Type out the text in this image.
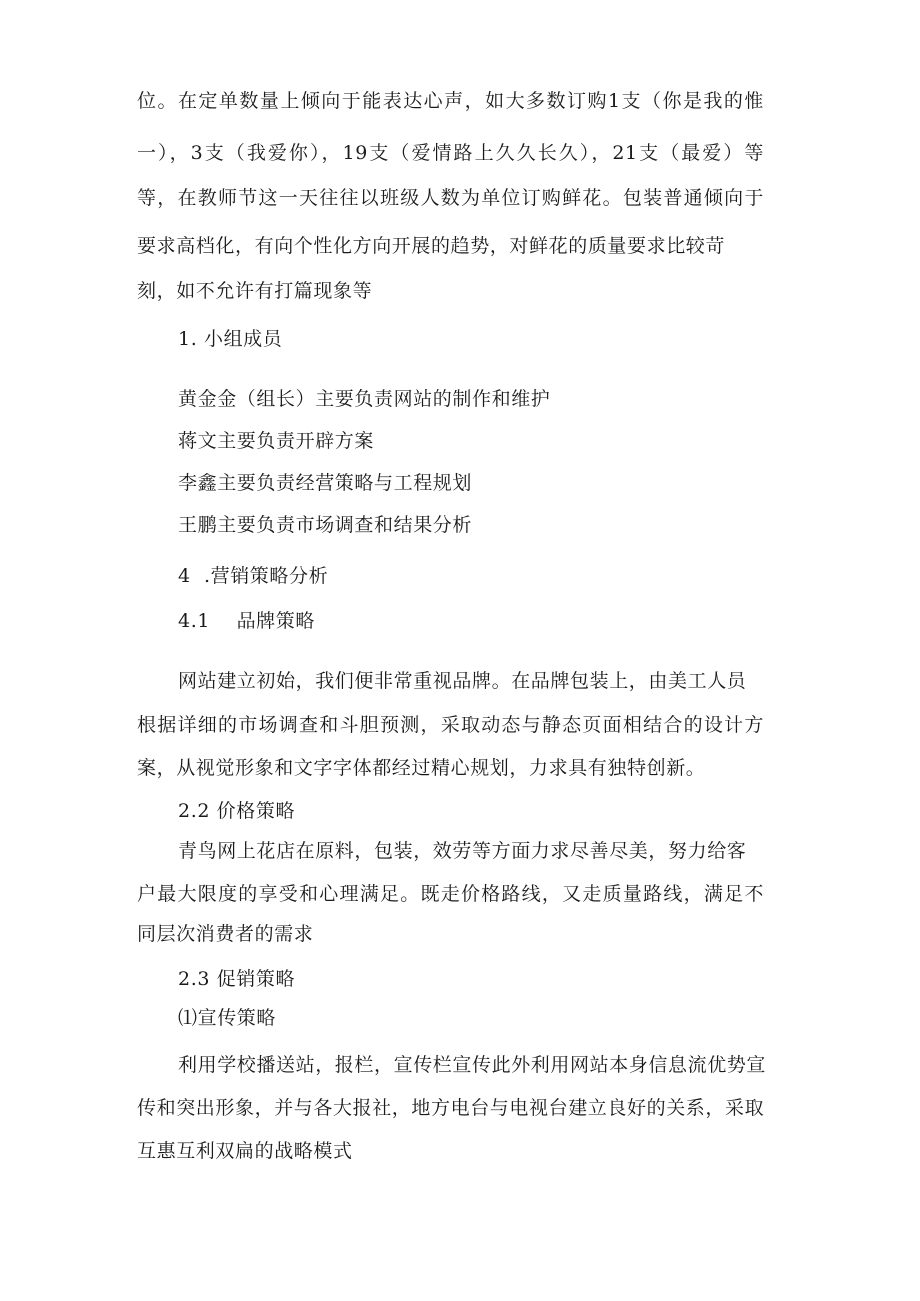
位。在定单数量上倾向于能表达心声，如大多数订购1支（你是我的惟
一），3支（我爱你），19支（爱情路上久久长久），21支（最爱）等
等，在教师节这一天往往以班级人数为单位订购鲜花。包装普通倾向于
要求高档化，有向个性化方向开展的趋势，对鲜花的质量要求比较苛
刻，如不允许有打篇现象等
1. 小组成员
黄金金（组长）主要负责网站的制作和维护
蒋文主要负责开辟方案
李鑫主要负责经营策略与工程规划
王鹏主要负责市场调查和结果分析
4  .营销策略分析
4.1    品牌策略
网站建立初始，我们便非常重视品牌。在品牌包装上，由美工人员
根据详细的市场调查和斗胆预测，采取动态与静态页面相结合的设计方
案，从视觉形象和文字字体都经过精心规划，力求具有独特创新。
2.2 价格策略
青鸟网上花店在原料，包装，效劳等方面力求尽善尽美，努力给客
户最大限度的享受和心理满足。既走价格路线，又走质量路线，满足不
同层次消费者的需求
2.3 促销策略
⑴宣传策略
利用学校播送站，报栏，宣传栏宣传此外利用网站本身信息流优势宣
传和突出形象，并与各大报社，地方电台与电视台建立良好的关系，采取
互惠互利双扁的战略模式
